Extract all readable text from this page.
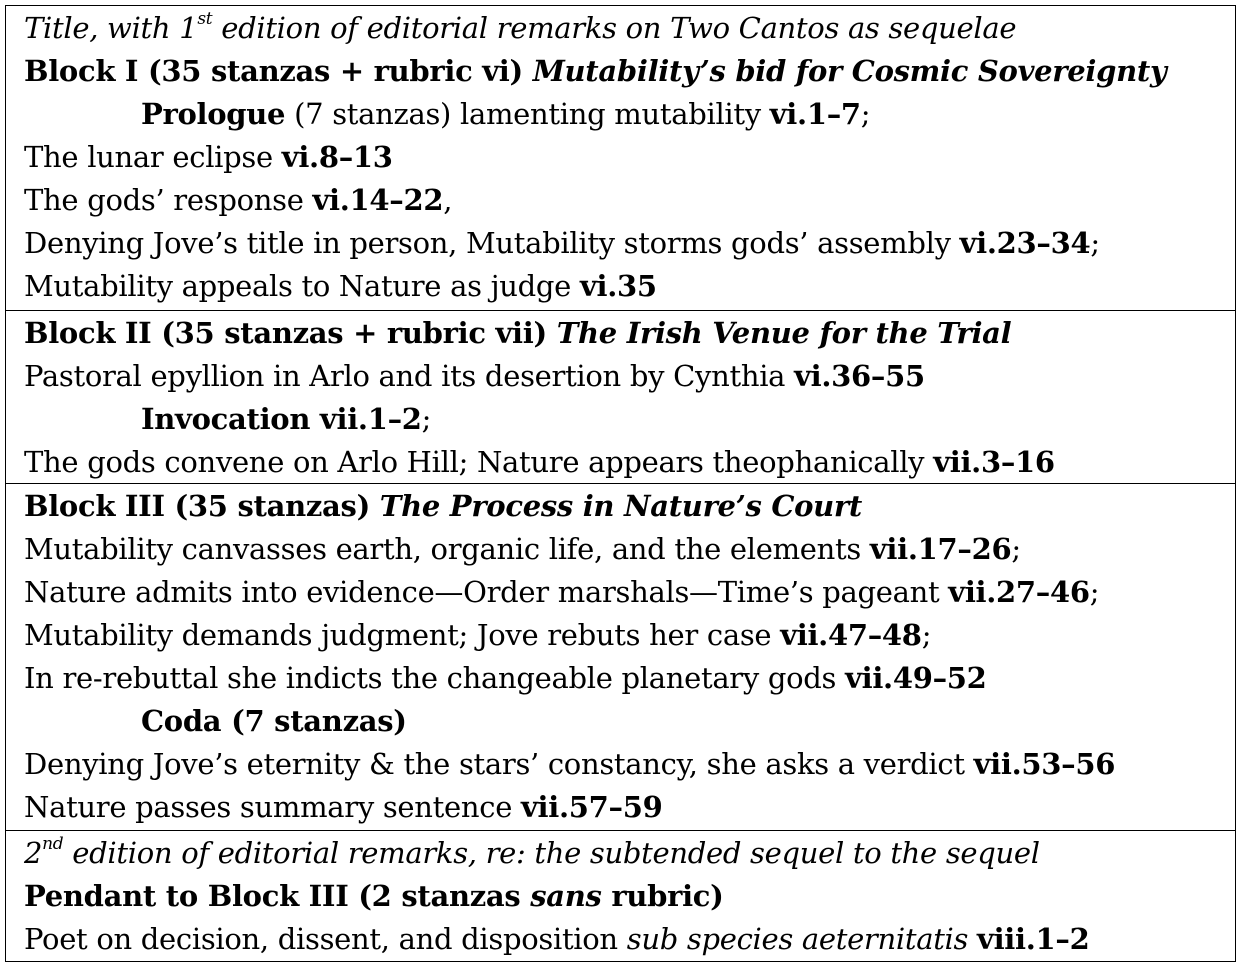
Title, with 1st edition of editorial remarks on Two Cantos as sequelae
Block I (35 stanzas + rubric vi) Mutability’s bid for Cosmic Sovereignty
Prologue (7 stanzas) lamenting mutability vi.1–7;
The lunar eclipse vi.8–13
The gods’ response vi.14–22,
Denying Jove’s title in person, Mutability storms gods’ assembly vi.23–34;
Mutability appeals to Nature as judge vi.35
Block II (35 stanzas + rubric vii) The Irish Venue for the Trial
Pastoral epyllion in Arlo and its desertion by Cynthia vi.36–55
Invocation vii.1–2;
The gods convene on Arlo Hill; Nature appears theophanically vii.3–16
Block III (35 stanzas) The Process in Nature’s Court
Mutability canvasses earth, organic life, and the elements vii.17–26;
Nature admits into evidence—Order marshals—Time’s pageant vii.27–46;
Mutability demands judgment; Jove rebuts her case vii.47–48;
In re-rebuttal she indicts the changeable planetary gods vii.49–52
Coda (7 stanzas)
Denying Jove’s eternity & the stars’ constancy, she asks a verdict vii.53–56
Nature passes summary sentence vii.57–59
2nd edition of editorial remarks, re: the subtended sequel to the sequel
Pendant to Block III (2 stanzas sans rubric)
Poet on decision, dissent, and disposition sub species aeternitatis viii.1–2
